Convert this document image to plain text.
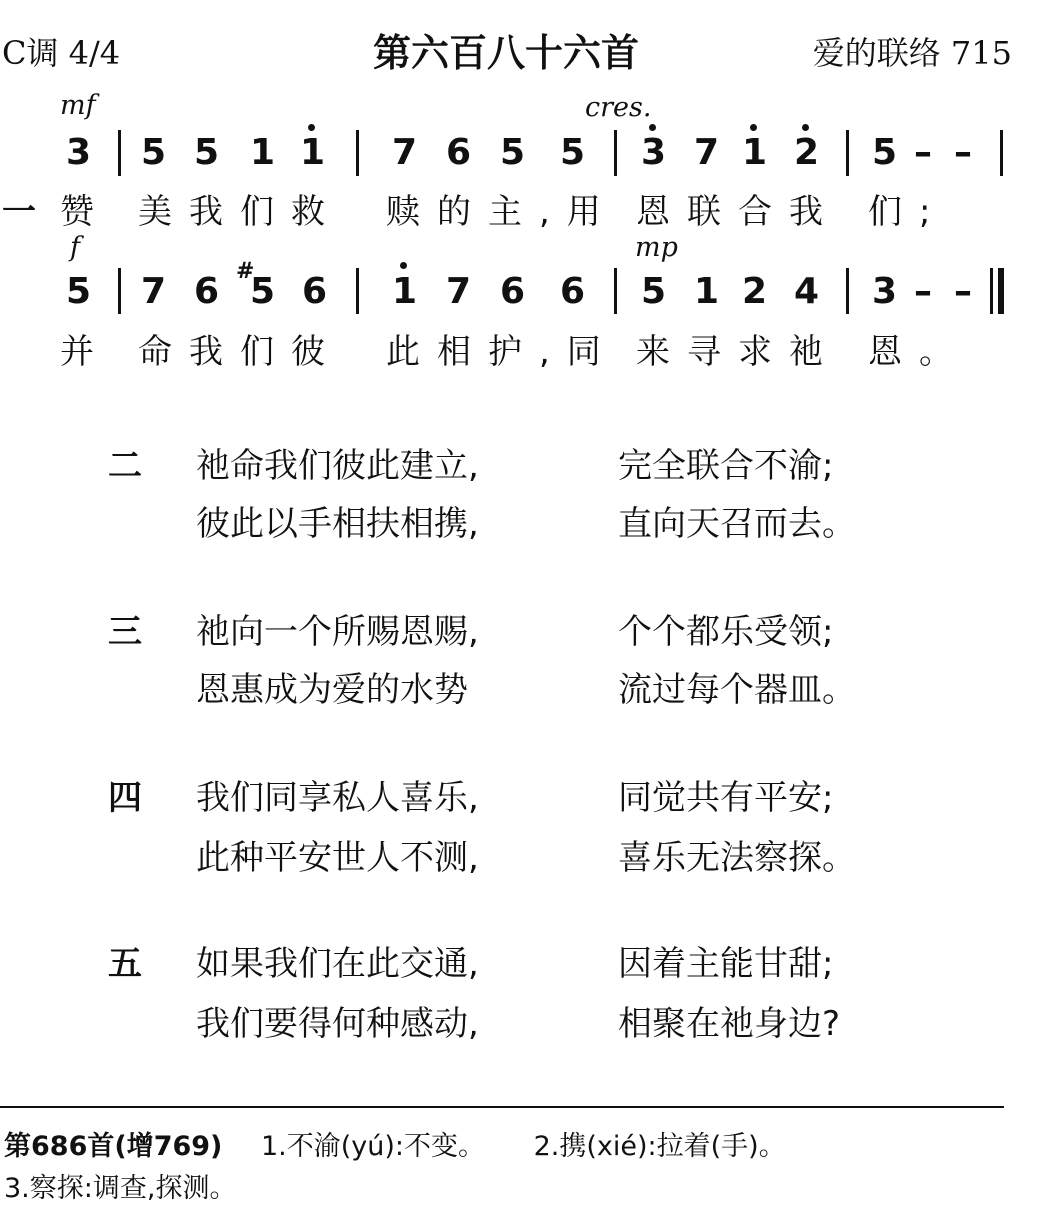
C调 4/4	第六百八十六首	爱的联络 715
mf	cres.
f	mp
3 5 5 1 1 7 6 5 5 3 7 1 2 5 – –
一 赞 美我们救 赎的主,用 恩联合我 们;
5 7 6 #
5 6 1 7 6 6 5 1 2 4 3 – –
并 命我们彼 此相护,同 来寻求祂 恩。
二 祂命我们彼此建立,	完全联合不渝;
彼此以手相扶相携,	直向天召而去。
三 祂向一个所赐恩赐,	个个都乐受领;
恩惠成为爱的水势	流过每个器皿。
四 我们同享私人喜乐,	同觉共有平安;
此种平安世人不测,	喜乐无法察探。
五 如果我们在此交通,	因着主能甘甜;
我们要得何种感动,	相聚在祂身边?
第686首(增769) 1.不渝(yú):不变。 2.携(xié):拉着(手)。
3.察探:调查,探测。
